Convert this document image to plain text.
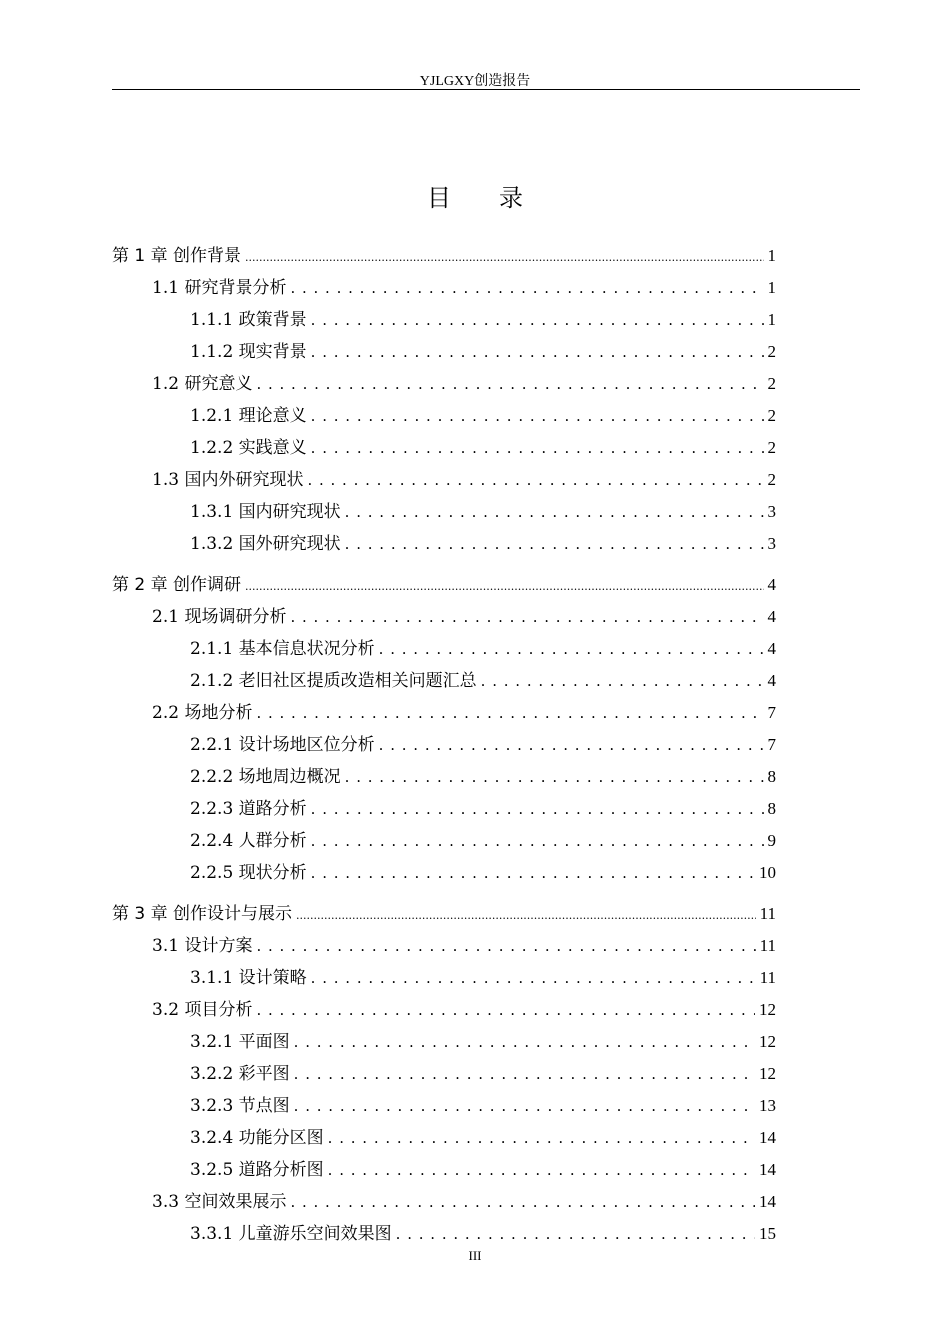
YJLGXY创造报告
目 录
第 1 章 创作背景 .....	1
1.1 研究背景分析 . . .	1
1.1.1 政策背景 . . .	1
1.1.2 现实背景 . . .	2
1.2 研究意义 . . .	2
1.2.1 理论意义 . . .	2
1.2.2 实践意义 . . .	2
1.3 国内外研究现状 . . .	2
1.3.1 国内研究现状 . . .	3
1.3.2 国外研究现状 . . .	3
第 2 章 创作调研 .....	4
2.1 现场调研分析 . . .	4
2.1.1 基本信息状况分析 . . .	4
2.1.2 老旧社区提质改造相关问题汇总 . . .	4
2.2 场地分析 . . .	7
2.2.1 设计场地区位分析 . . .	7
2.2.2 场地周边概况 . . .	8
2.2.3 道路分析 . . .	8
2.2.4 人群分析 . . .	9
2.2.5 现状分析 . . .	10
第 3 章 创作设计与展示 .....	11
3.1 设计方案 . . .	11
3.1.1 设计策略 . . .	11
3.2 项目分析 . . .	12
3.2.1 平面图 . . .	12
3.2.2 彩平图 . . .	12
3.2.3 节点图 . . .	13
3.2.4 功能分区图 . . .	14
3.2.5 道路分析图 . . .	14
3.3 空间效果展示 . . .	14
3.3.1 儿童游乐空间效果图 . . .	15
III
